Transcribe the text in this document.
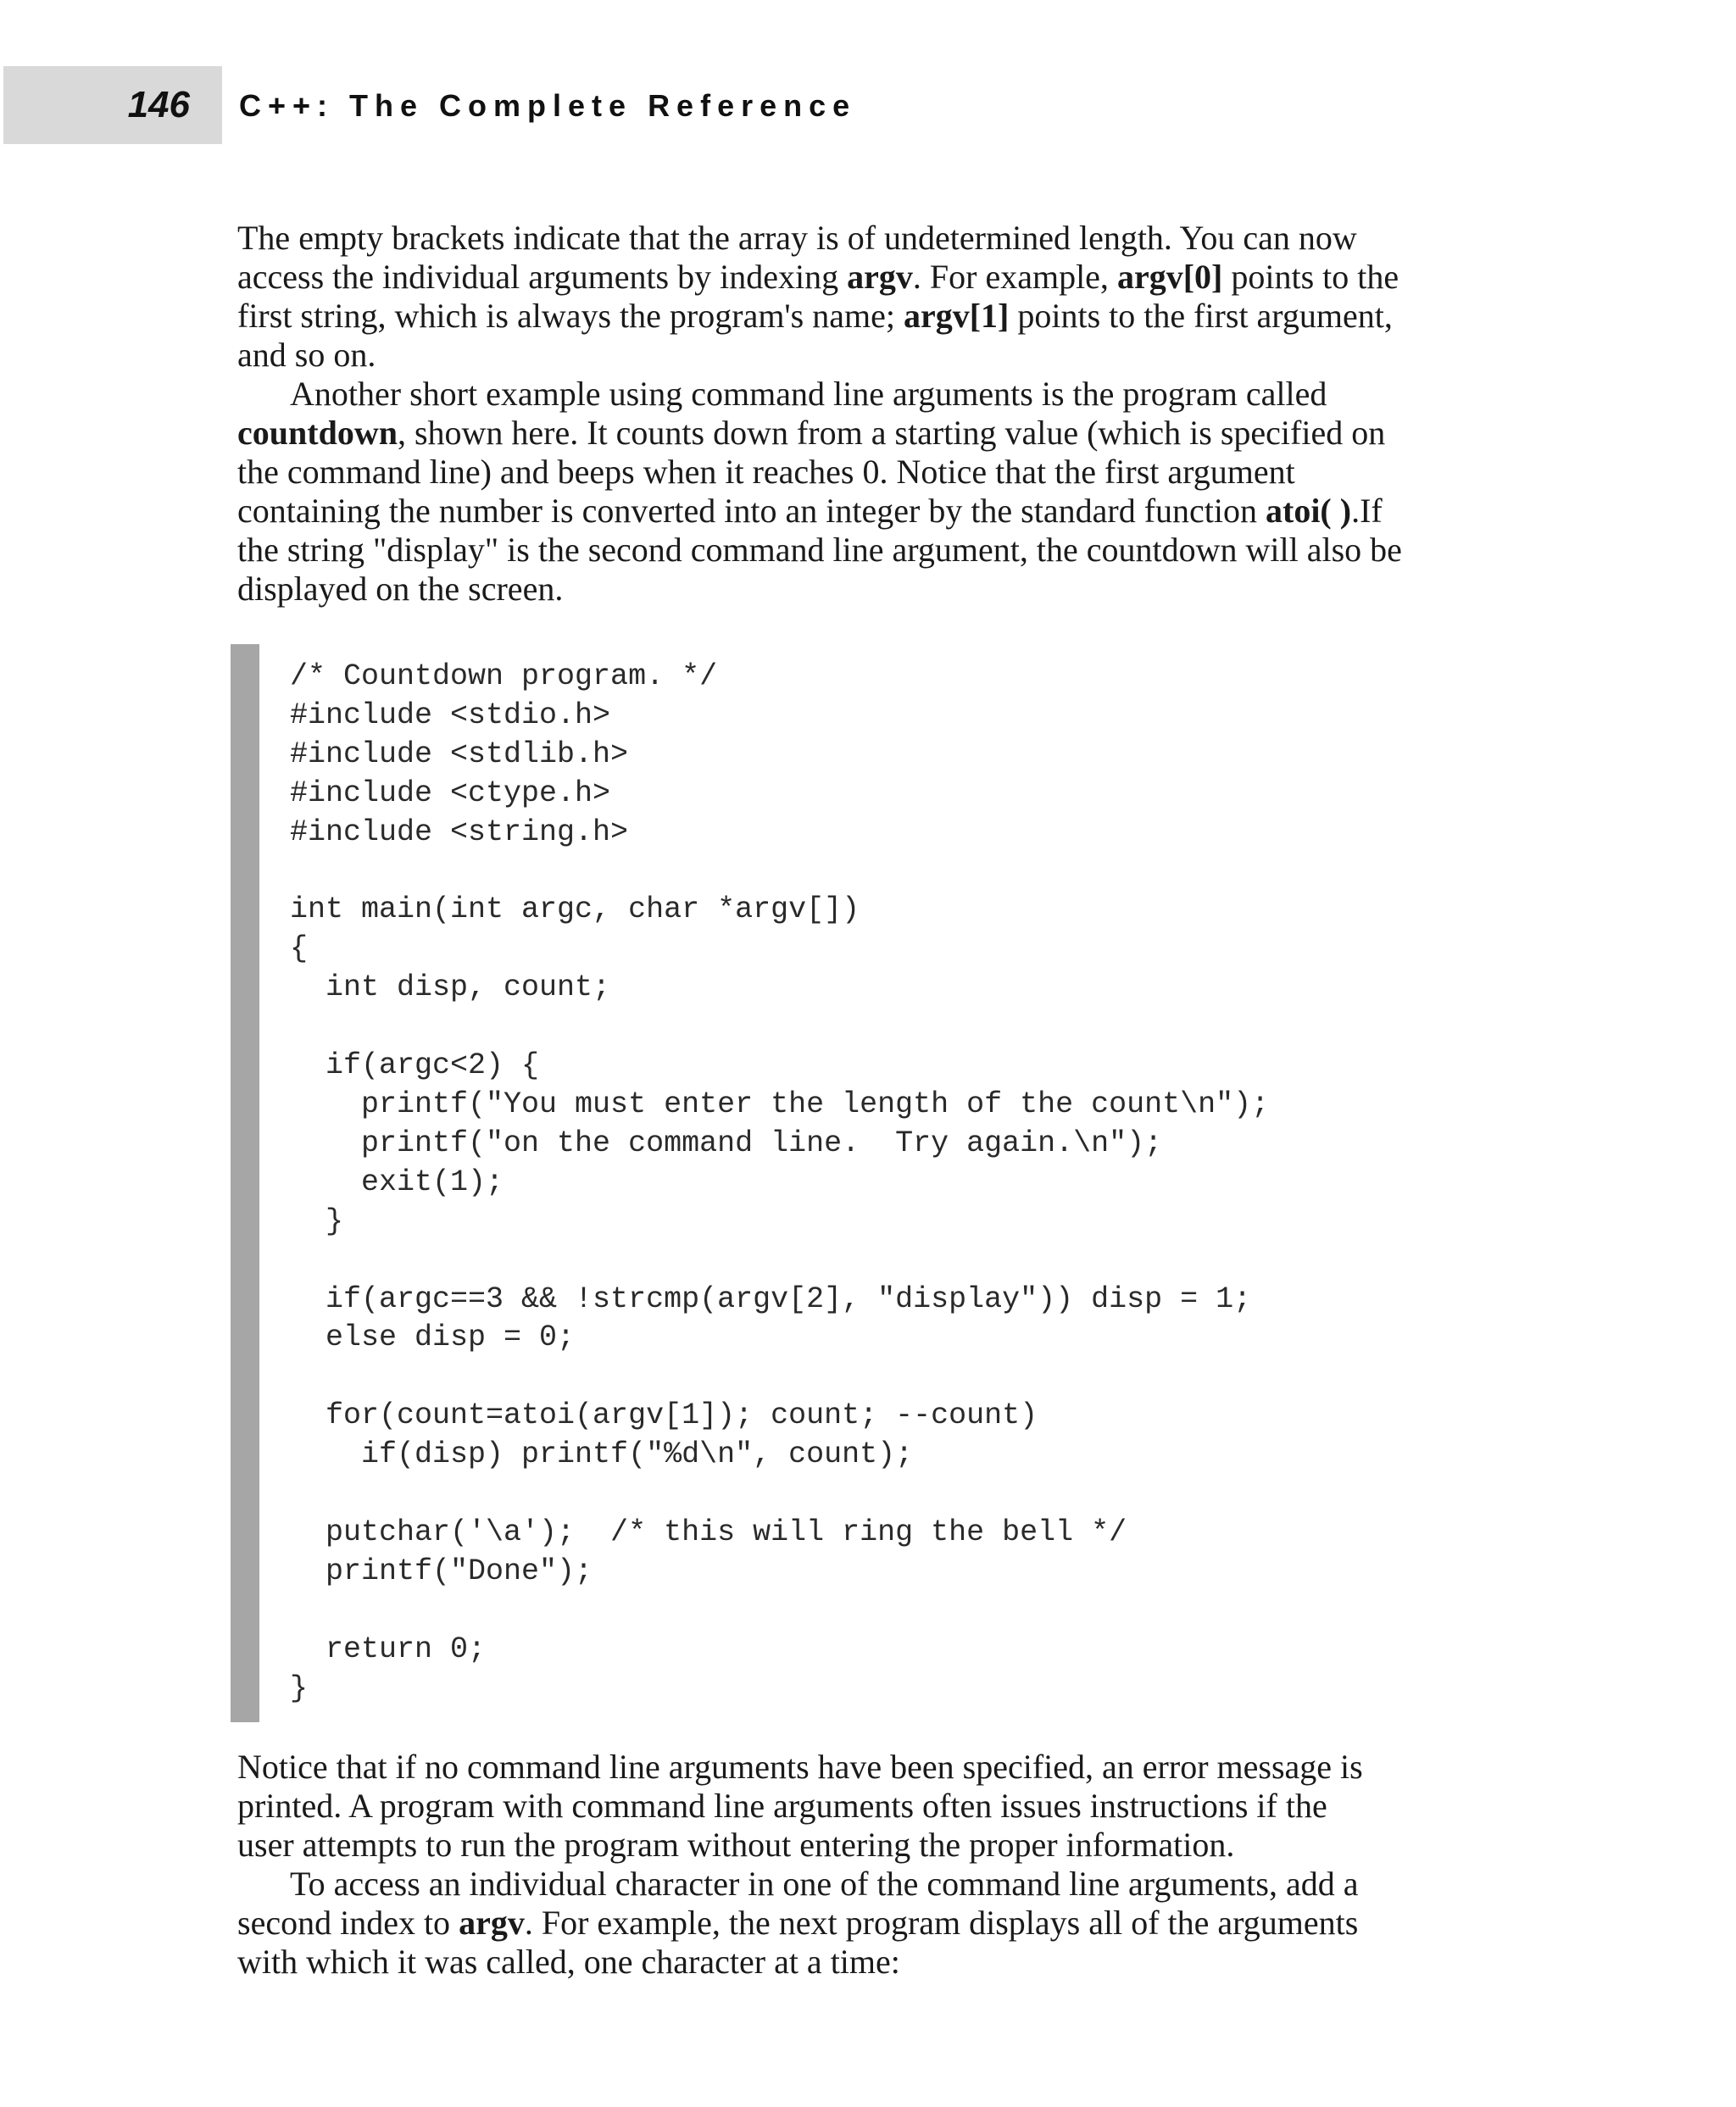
146 C++: The Complete Reference
The empty brackets indicate that the array is of undetermined length. You can now
access the individual arguments by indexing argv. For example, argv[0] points to the
first string, which is always the program's name; argv[1] points to the first argument,
and so on.
Another short example using command line arguments is the program called
countdown, shown here. It counts down from a starting value (which is specified on
the command line) and beeps when it reaches 0. Notice that the first argument
containing the number is converted into an integer by the standard function atoi( ).If
the string "display" is the second command line argument, the countdown will also be
displayed on the screen.
/* Countdown program. */
#include <stdio.h>
#include <stdlib.h>
#include <ctype.h>
#include <string.h>

int main(int argc, char *argv[])
{
int disp, count;

if(argc<2) {
printf("You must enter the length of the count\n");
printf("on the command line.  Try again.\n");
exit(1);
}

if(argc==3 && !strcmp(argv[2], "display")) disp = 1;
else disp = 0;

for(count=atoi(argv[1]); count; --count)
if(disp) printf("%d\n", count);

putchar('\a');  /* this will ring the bell */
printf("Done");

return 0;
}
Notice that if no command line arguments have been specified, an error message is
printed. A program with command line arguments often issues instructions if the
user attempts to run the program without entering the proper information.
To access an individual character in one of the command line arguments, add a
second index to argv. For example, the next program displays all of the arguments
with which it was called, one character at a time:
